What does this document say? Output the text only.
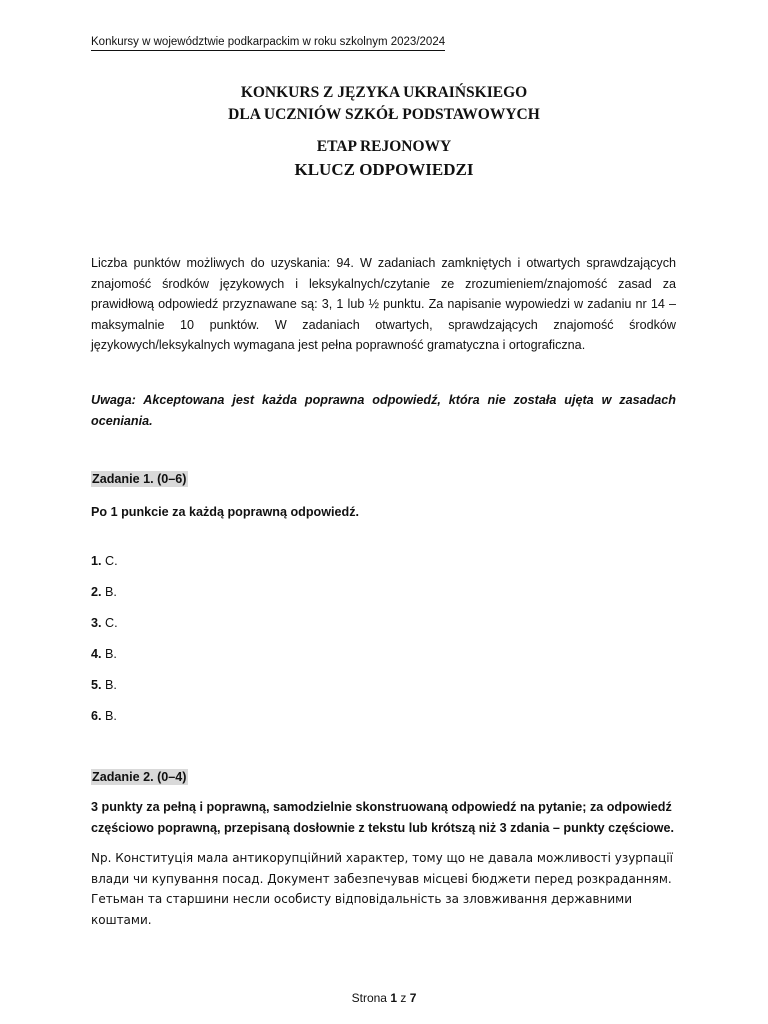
Konkursy w województwie podkarpackim w roku szkolnym 2023/2024
KONKURS Z JĘZYKA UKRAIŃSKIEGO
DLA UCZNIÓW SZKÓŁ PODSTAWOWYCH
ETAP REJONOWY
KLUCZ ODPOWIEDZI
Liczba punktów możliwych do uzyskania: 94. W zadaniach zamkniętych i otwartych sprawdzających znajomość środków językowych i leksykalnych/czytanie ze zrozumieniem/znajomość zasad za prawidłową odpowiedź przyznawane są: 3, 1 lub ½ punktu. Za napisanie wypowiedzi w zadaniu nr 14 – maksymalnie 10 punktów. W zadaniach otwartych, sprawdzających znajomość środków językowych/leksykalnych wymagana jest pełna poprawność gramatyczna i ortograficzna.
Uwaga: Akceptowana jest każda poprawna odpowiedź, która nie została ujęta w zasadach oceniania.
Zadanie 1. (0–6)
Po 1 punkcie za każdą poprawną odpowiedź.
1. C.
2. B.
3. C.
4. B.
5. B.
6. B.
Zadanie 2. (0–4)
3 punkty za pełną i poprawną, samodzielnie skonstruowaną odpowiedź na pytanie; za odpowiedź częściowo poprawną, przepisaną dosłownie z tekstu lub krótszą niż 3 zdania – punkty częściowe.
Np. Конституція мала антикорупційний характер, тому що не давала можливості узурпації влади чи купування посад. Документ забезпечував місцеві бюджети перед розкраданням. Гетьман та старшини несли особисту відповідальність за зловживання державними коштами.
Strona 1 z 7
